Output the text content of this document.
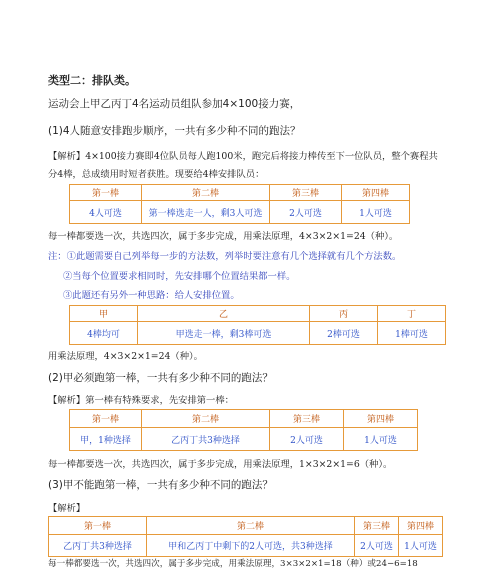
类型二：排队类。
运动会上甲乙丙丁4名运动员组队参加4×100接力赛，
(1)4人随意安排跑步顺序，一共有多少种不同的跑法？
【解析】4×100接力赛即4位队员每人跑100米，跑完后将接力棒传至下一位队员，整个赛程共
分4棒，总成绩用时短者获胜。现要给4棒安排队员：
第一棒	第二棒	第三棒	第四棒
4人可选	第一棒选走一人，剩3人可选	2人可选	1人可选
每一棒都要选一次，共选四次，属于多步完成，用乘法原理，4×3×2×1=24（种）。
注：①此题需要自己列举每一步的方法数，列举时要注意有几个选择就有几个方法数。
②当每个位置要求相同时，先安排哪个位置结果都一样。
③此题还有另外一种思路：给人安排位置。
甲	乙	丙	丁
4棒均可	甲选走一棒，剩3棒可选	2棒可选	1棒可选
用乘法原理，4×3×2×1=24（种）。
(2)甲必须跑第一棒，一共有多少种不同的跑法？
【解析】第一棒有特殊要求，先安排第一棒：
第一棒	第二棒	第三棒	第四棒
甲，1种选择	乙丙丁共3种选择	2人可选	1人可选
每一棒都要选一次，共选四次，属于多步完成，用乘法原理，1×3×2×1=6（种）。
(3)甲不能跑第一棒，一共有多少种不同的跑法？
【解析】
第一棒	第二棒	第三棒	第四棒
乙丙丁共3种选择	甲和乙丙丁中剩下的2人可选，共3种选择	2人可选	1人可选
每一棒都要选一次，共选四次，属于多步完成，用乘法原理，3×3×2×1=18（种）或24−6=18
